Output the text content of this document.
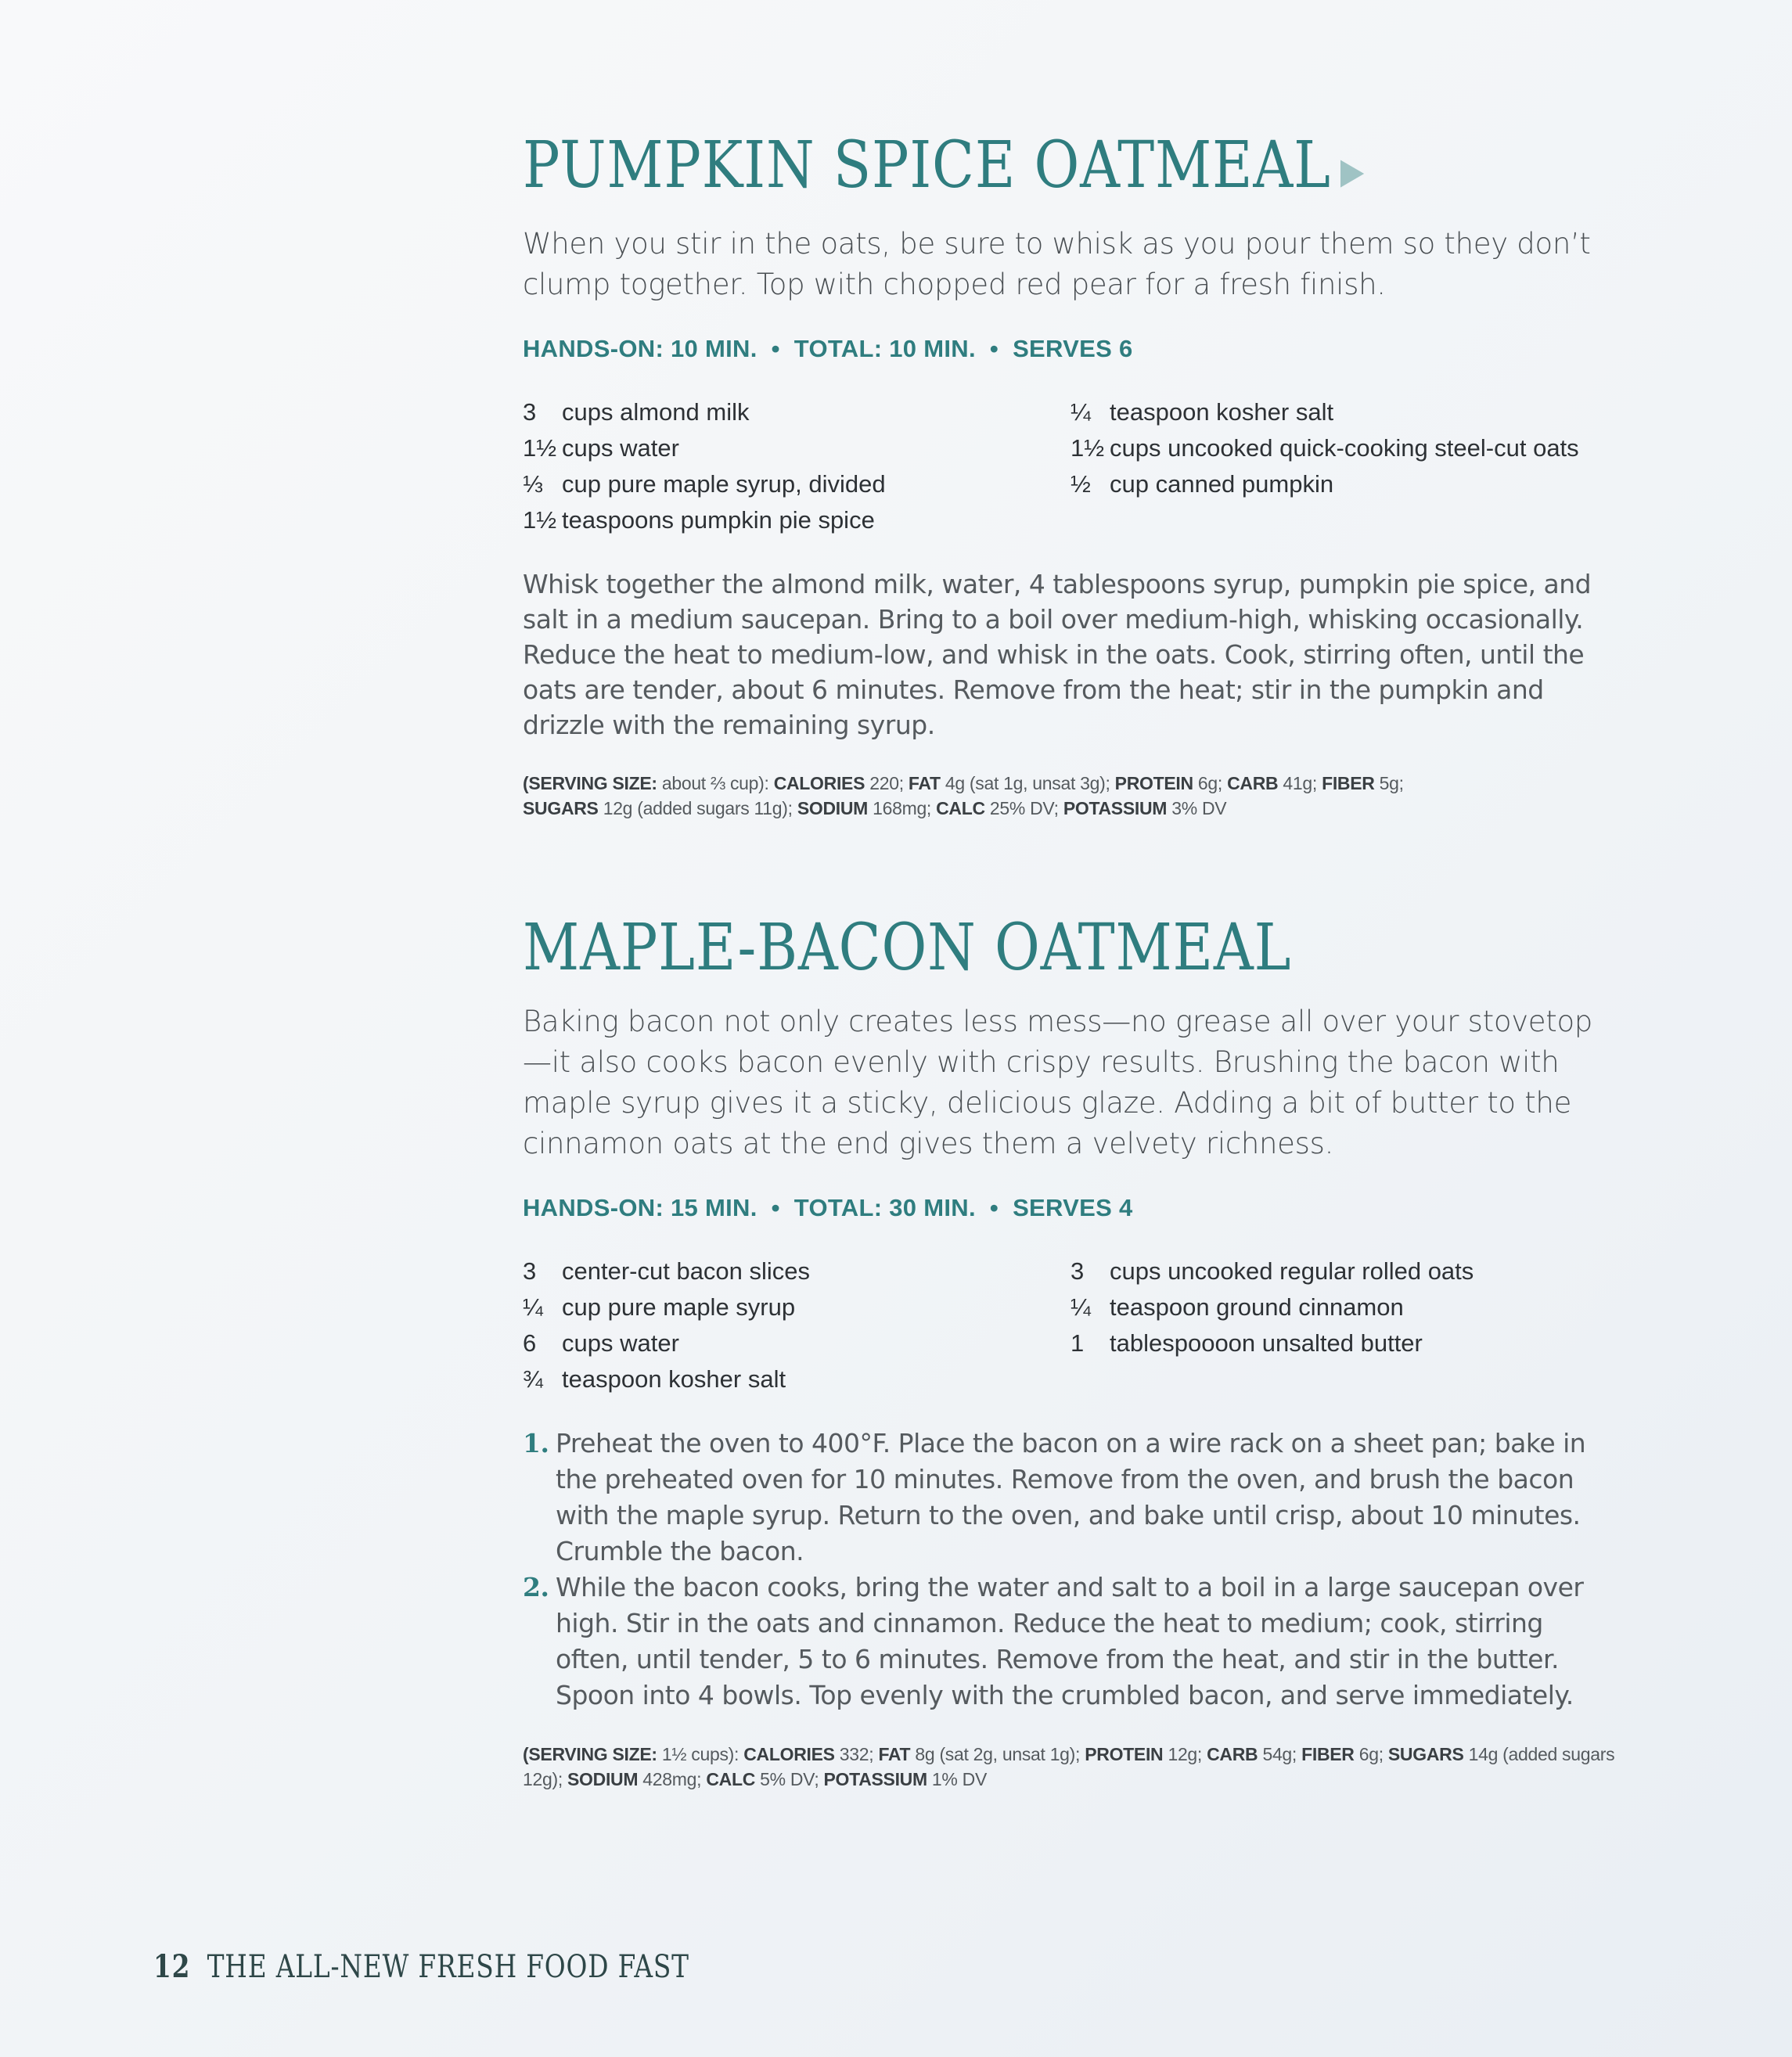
PUMPKIN SPICE OATMEAL ▶

When you stir in the oats, be sure to whisk as you pour them so they don’t clump together. Top with chopped red pear for a fresh finish.

HANDS-ON: 10 MIN. • TOTAL: 10 MIN. • SERVES 6
3	cups almond milk
1½ cups water
⅓ cup pure maple syrup, divided
1½ teaspoons pumpkin pie spice
¼ teaspoon kosher salt
1½ cups uncooked quick-cooking steel-cut oats
½ cup canned pumpkin

Whisk together the almond milk, water, 4 tablespoons syrup, pumpkin pie spice, and salt in a medium saucepan. Bring to a boil over medium-high, whisking occasionally. Reduce the heat to medium-low, and whisk in the oats. Cook, stirring often, until the oats are tender, about 6 minutes. Remove from the heat; stir in the pumpkin and drizzle with the remaining syrup.

(SERVING SIZE: about ⅔ cup): CALORIES 220; FAT 4g (sat 1g, unsat 3g); PROTEIN 6g; CARB 41g; FIBER 5g;
SUGARS 12g (added sugars 11g); SODIUM 168mg; CALC 25% DV; POTASSIUM 3% DV
MAPLE-BACON OATMEAL

Baking bacon not only creates less mess—no grease all over your stovetop—it also cooks bacon evenly with crispy results. Brushing the bacon with maple syrup gives it a sticky, delicious glaze. Adding a bit of butter to the cinnamon oats at the end gives them a velvety richness.

HANDS-ON: 15 MIN. • TOTAL: 30 MIN. • SERVES 4
3	center-cut bacon slices
¼ cup pure maple syrup
6	cups water
¾ teaspoon kosher salt
3	cups uncooked regular rolled oats
¼ teaspoon ground cinnamon
1	tablespoooon unsalted butter
1. Preheat the oven to 400°F. Place the bacon on a wire rack on a sheet pan; bake in the preheated oven for 10 minutes. Remove from the oven, and brush the bacon with the maple syrup. Return to the oven, and bake until crisp, about 10 minutes. Crumble the bacon.
2. While the bacon cooks, bring the water and salt to a boil in a large saucepan over high. Stir in the oats and cinnamon. Reduce the heat to medium; cook, stirring often, until tender, 5 to 6 minutes. Remove from the heat, and stir in the butter. Spoon into 4 bowls. Top evenly with the crumbled bacon, and serve immediately.
(SERVING SIZE: 1½ cups): CALORIES 332; FAT 8g (sat 2g, unsat 1g); PROTEIN 12g; CARB 54g; FIBER 6g; SUGARS 14g (added sugars 12g); SODIUM 428mg; CALC 5% DV; POTASSIUM 1% DV
12 THE ALL-NEW FRESH FOOD FAST
